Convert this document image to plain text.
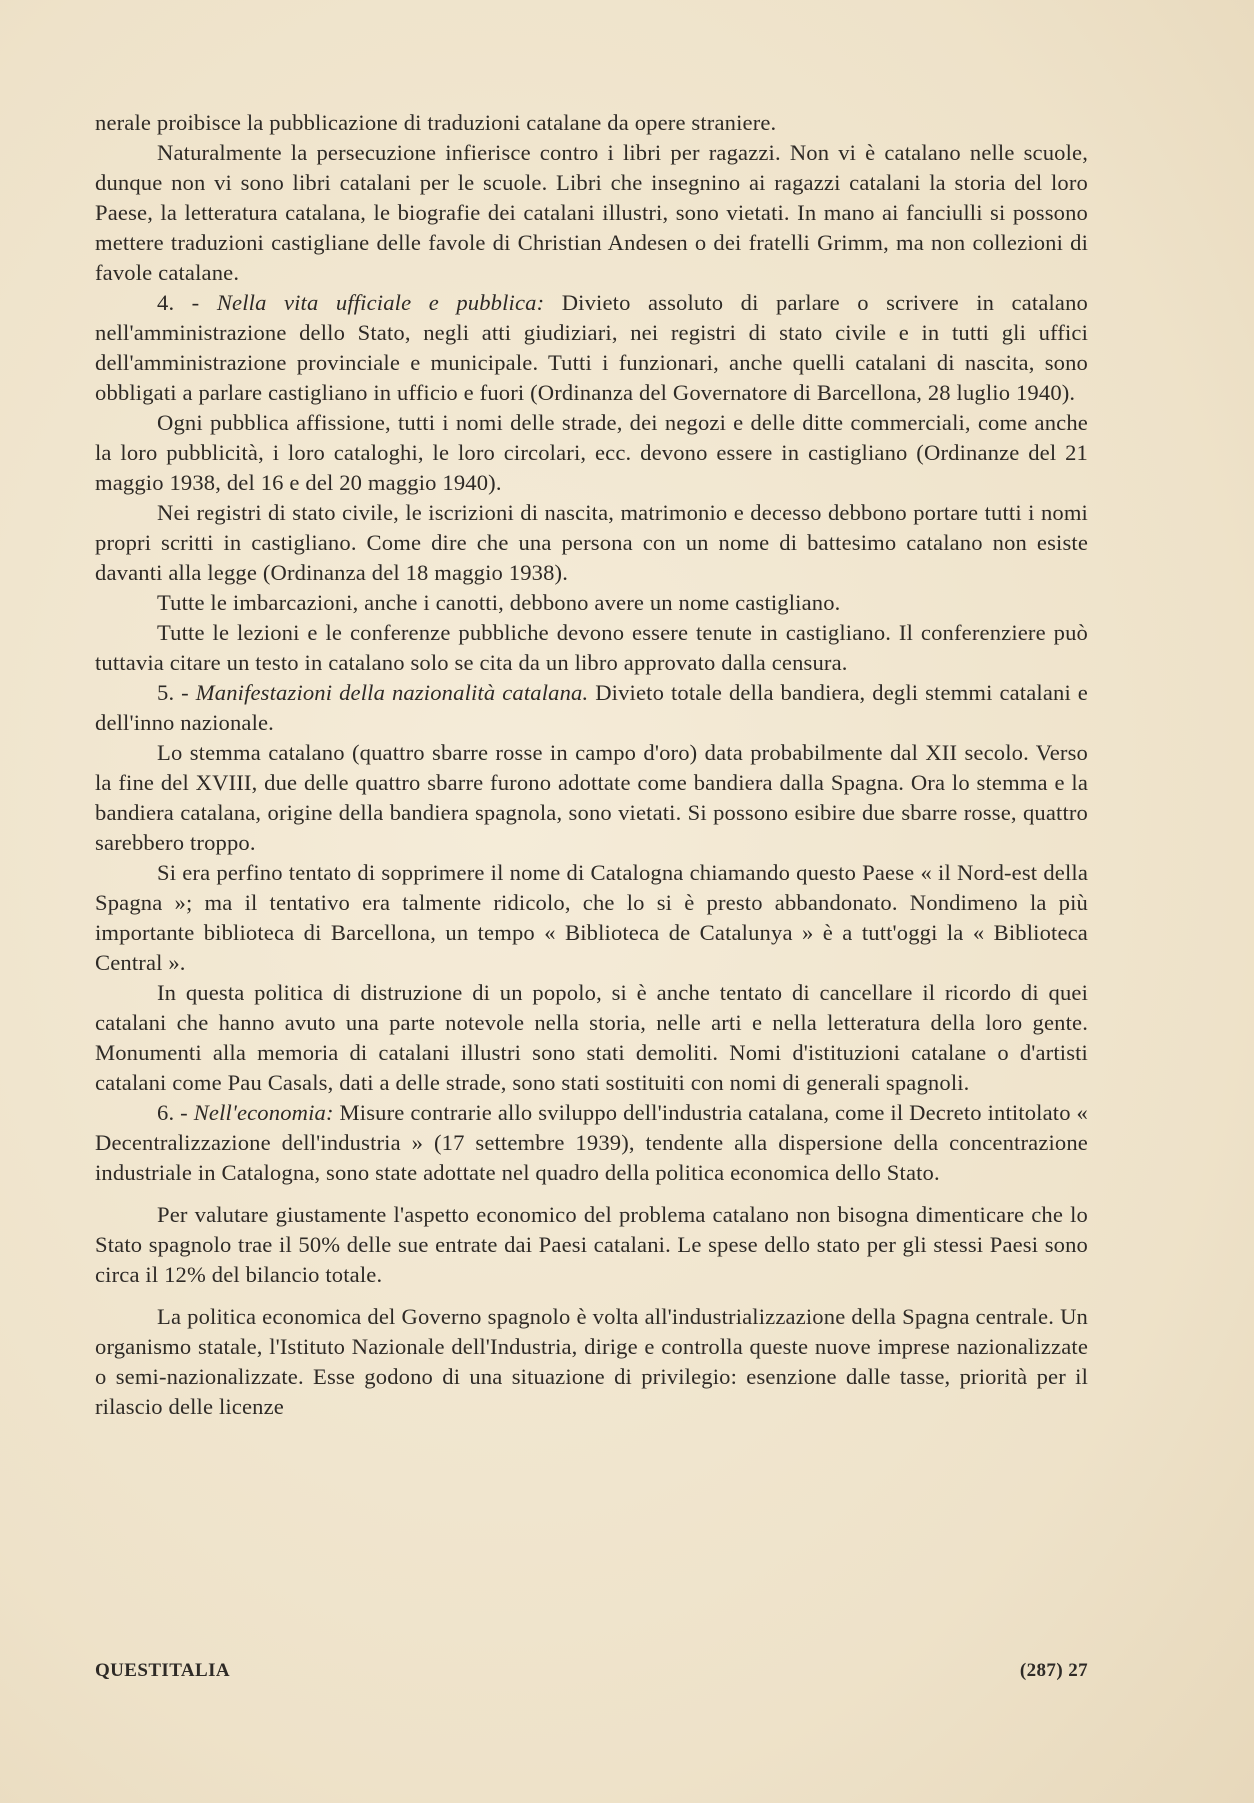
nerale proibisce la pubblicazione di traduzioni catalane da opere straniere.

Naturalmente la persecuzione infierisce contro i libri per ragazzi. Non vi è catalano nelle scuole, dunque non vi sono libri catalani per le scuole. Libri che insegnino ai ragazzi catalani la storia del loro Paese, la letteratura catalana, le biografie dei catalani illustri, sono vietati. In mano ai fanciulli si possono mettere traduzioni castigliane delle favole di Christian Andesen o dei fratelli Grimm, ma non collezioni di favole catalane.

4. - Nella vita ufficiale e pubblica: Divieto assoluto di parlare o scrivere in catalano nell'amministrazione dello Stato, negli atti giudiziari, nei registri di stato civile e in tutti gli uffici dell'amministrazione provinciale e municipale. Tutti i funzionari, anche quelli catalani di nascita, sono obbligati a parlare castigliano in ufficio e fuori (Ordinanza del Governatore di Barcellona, 28 luglio 1940).

Ogni pubblica affissione, tutti i nomi delle strade, dei negozi e delle ditte commerciali, come anche la loro pubblicità, i loro cataloghi, le loro circolari, ecc. devono essere in castigliano (Ordinanze del 21 maggio 1938, del 16 e del 20 maggio 1940).

Nei registri di stato civile, le iscrizioni di nascita, matrimonio e decesso debbono portare tutti i nomi propri scritti in castigliano. Come dire che una persona con un nome di battesimo catalano non esiste davanti alla legge (Ordinanza del 18 maggio 1938).

Tutte le imbarcazioni, anche i canotti, debbono avere un nome castigliano.

Tutte le lezioni e le conferenze pubbliche devono essere tenute in castigliano. Il conferenziere può tuttavia citare un testo in catalano solo se cita da un libro approvato dalla censura.

5. - Manifestazioni della nazionalità catalana. Divieto totale della bandiera, degli stemmi catalani e dell'inno nazionale.

Lo stemma catalano (quattro sbarre rosse in campo d'oro) data probabilmente dal XII secolo. Verso la fine del XVIII, due delle quattro sbarre furono adottate come bandiera dalla Spagna. Ora lo stemma e la bandiera catalana, origine della bandiera spagnola, sono vietati. Si possono esibire due sbarre rosse, quattro sarebbero troppo.

Si era perfino tentato di sopprimere il nome di Catalogna chiamando questo Paese « il Nord-est della Spagna »; ma il tentativo era talmente ridicolo, che lo si è presto abbandonato. Nondimeno la più importante biblioteca di Barcellona, un tempo « Biblioteca de Catalunya » è a tutt'oggi la « Biblioteca Central ».

In questa politica di distruzione di un popolo, si è anche tentato di cancellare il ricordo di quei catalani che hanno avuto una parte notevole nella storia, nelle arti e nella letteratura della loro gente. Monumenti alla memoria di catalani illustri sono stati demoliti. Nomi d'istituzioni catalane o d'artisti catalani come Pau Casals, dati a delle strade, sono stati sostituiti con nomi di generali spagnoli.

6. - Nell'economia: Misure contrarie allo sviluppo dell'industria catalana, come il Decreto intitolato « Decentralizzazione dell'industria » (17 settembre 1939), tendente alla dispersione della concentrazione industriale in Catalogna, sono state adottate nel quadro della politica economica dello Stato.

Per valutare giustamente l'aspetto economico del problema catalano non bisogna dimenticare che lo Stato spagnolo trae il 50% delle sue entrate dai Paesi catalani. Le spese dello stato per gli stessi Paesi sono circa il 12% del bilancio totale.

La politica economica del Governo spagnolo è volta all'industrializzazione della Spagna centrale. Un organismo statale, l'Istituto Nazionale dell'Industria, dirige e controlla queste nuove imprese nazionalizzate o semi-nazionalizzate. Esse godono di una situazione di privilegio: esenzione dalle tasse, priorità per il rilascio delle licenze

QUESTITALIA	(287) 27
